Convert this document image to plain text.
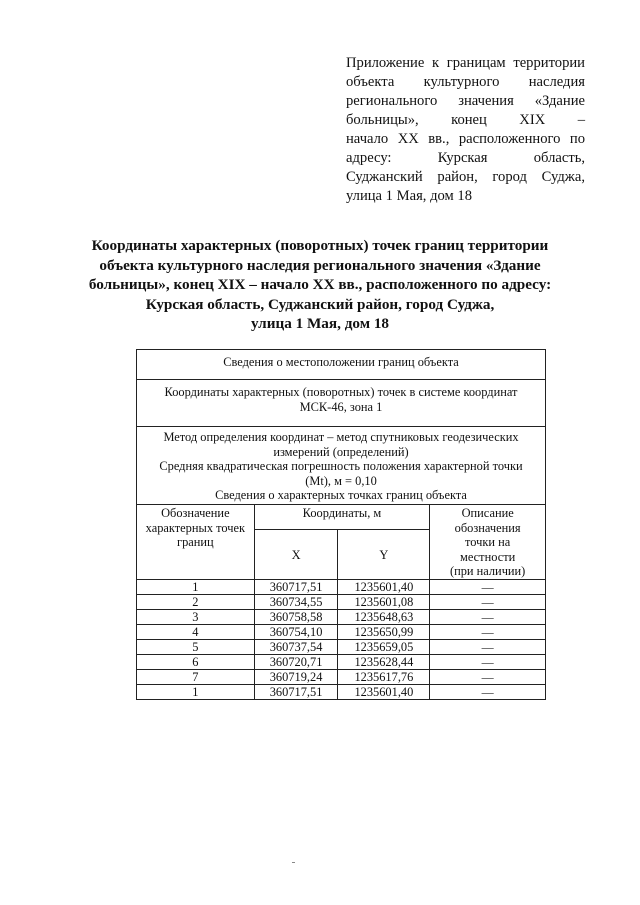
Приложение к границам территории
объекта культурного наследия
регионального значения «Здание
больницы», конец XIX –
начало XX вв., расположенного по
адресу: Курская область,
Суджанский район, город Суджа,
улица 1 Мая, дом 18
Координаты характерных (поворотных) точек границ территории
объекта культурного наследия регионального значения «Здание
больницы», конец XIX – начало XX вв., расположенного по адресу:
Курская область, Суджанский район, город Суджа,
улица 1 Мая, дом 18
Сведения о местоположении границ объекта			

Координаты характерных (поворотных) точек в системе координат
МСК-46, зона 1			

Метод определения координат – метод спутниковых геодезических
измерений (определений)
Средняя квадратическая погрешность положения характерной точки
(Mt), м = 0,10
Сведения о характерных точках границ объекта			

Обозначение
характерных точек
границ	Координаты, м		Описание
обозначения
точки на
местности
(при наличии)

	X	Y	
1	360717,51	1235601,40	—
2	360734,55	1235601,08	—
3	360758,58	1235648,63	—
4	360754,10	1235650,99	—
5	360737,54	1235659,05	—
6	360720,71	1235628,44	—
7	360719,24	1235617,76	—
1	360717,51	1235601,40	—
